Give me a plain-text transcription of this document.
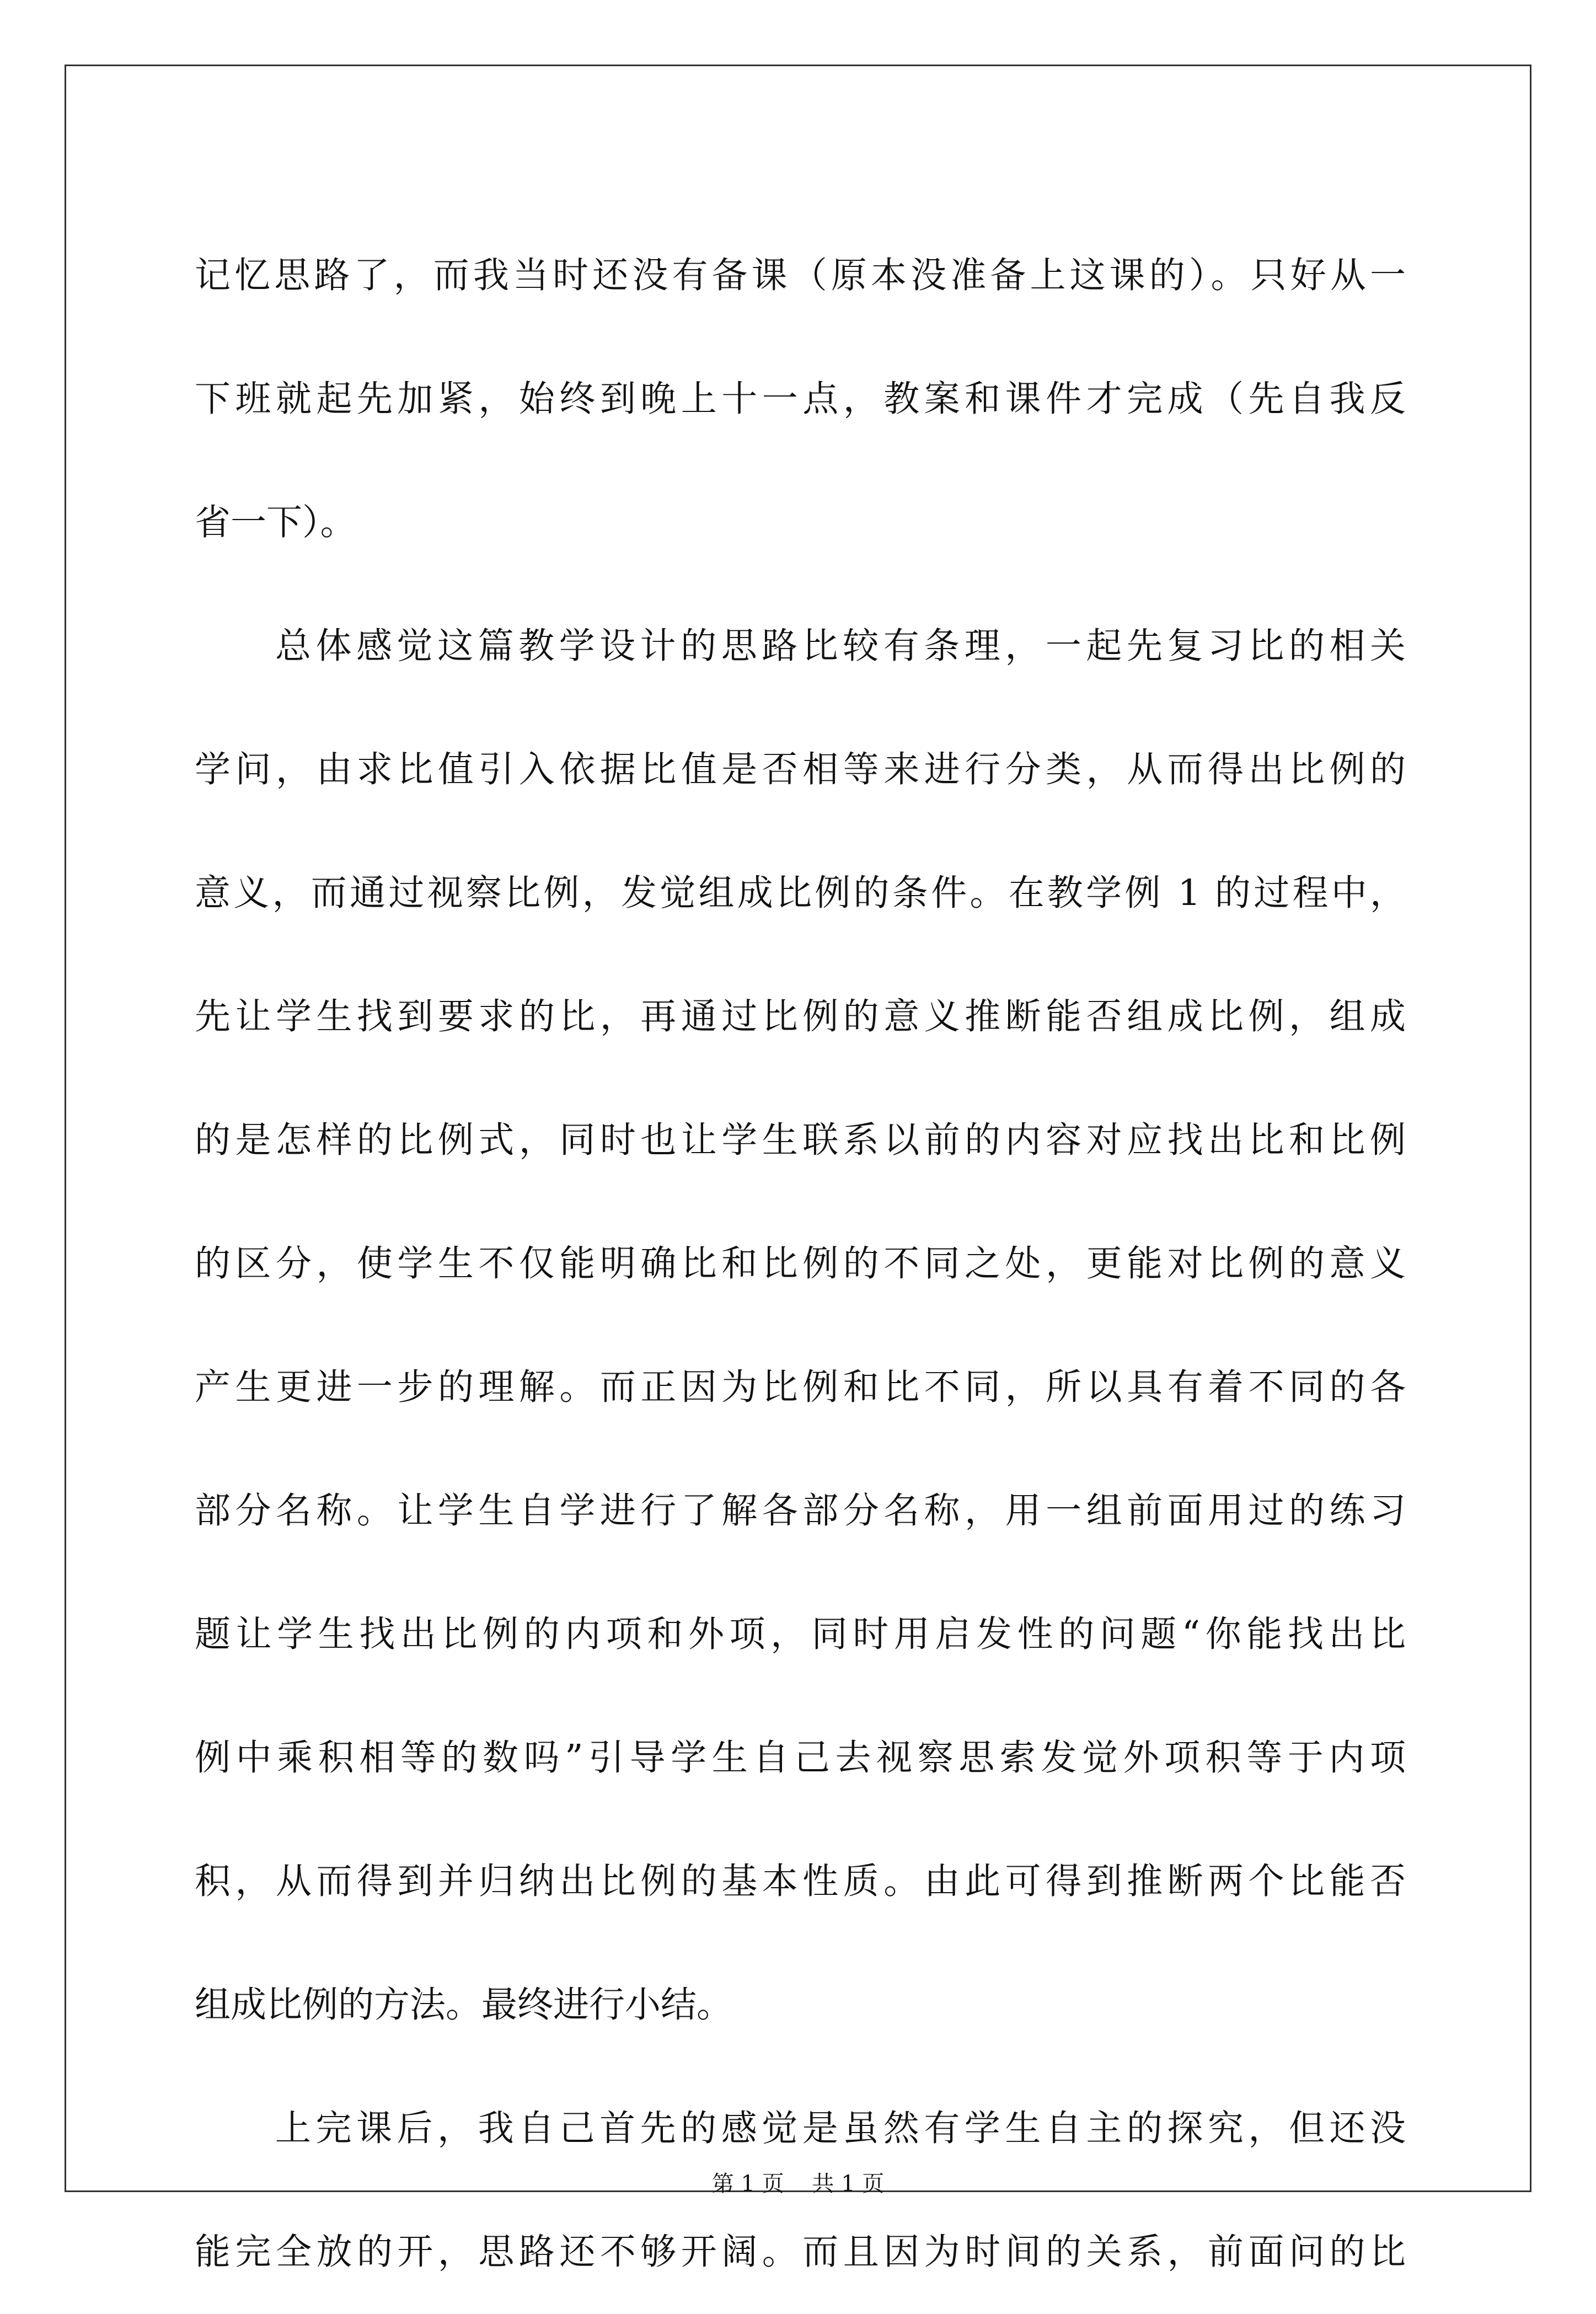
记忆思路了，而我当时还没有备课（原本没准备上这课的）。只好从一

下班就起先加紧，始终到晚上十一点，教案和课件才完成（先自我反

省一下）。

总体感觉这篇教学设计的思路比较有条理，一起先复习比的相关

学问，由求比值引入依据比值是否相等来进行分类，从而得出比例的

意义，而通过视察比例，发觉组成比例的条件。在教学例 1 的过程中，

先让学生找到要求的比，再通过比例的意义推断能否组成比例，组成

的是怎样的比例式，同时也让学生联系以前的内容对应找出比和比例

的区分，使学生不仅能明确比和比例的不同之处，更能对比例的意义

产生更进一步的理解。而正因为比例和比不同，所以具有着不同的各

部分名称。让学生自学进行了解各部分名称，用一组前面用过的练习

题让学生找出比例的内项和外项，同时用启发性的问题“你能找出比

例中乘积相等的数吗”引导学生自己去视察思索发觉外项积等于内项

积，从而得到并归纳出比例的基本性质。由此可得到推断两个比能否

组成比例的方法。最终进行小结。

上完课后，我自己首先的感觉是虽然有学生自主的探究，但还没

能完全放的开，思路还不够开阔。而且因为时间的关系，前面问的比

第 1 页    共 1 页
